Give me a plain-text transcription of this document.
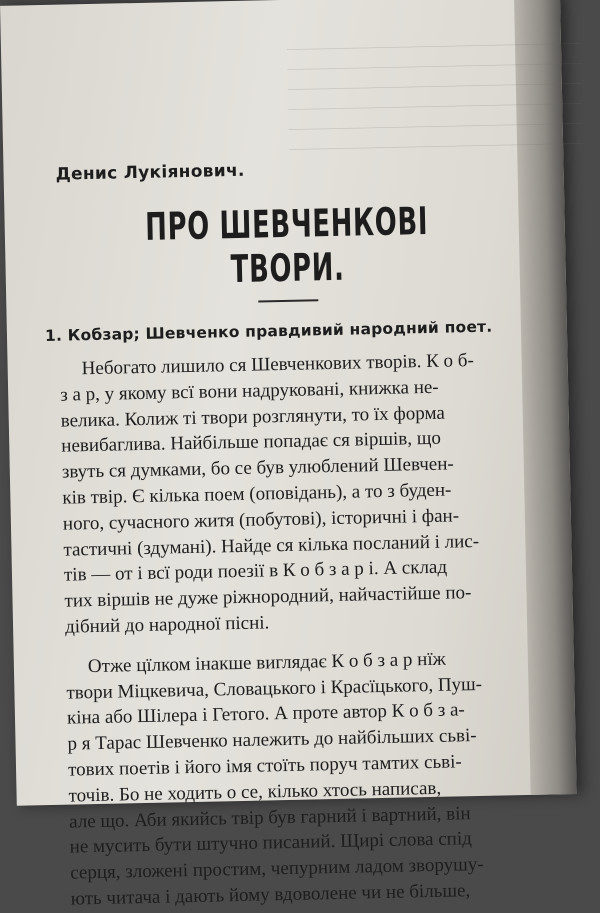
—————————————————————
—————————————————————
—————————————————————
—————————————————————
—————————————————————
—————————————————————
Денис Лукіянович.
ПРО ШЕВЧЕНКОВІ ТВОРИ.
1. Кобзар; Шевченко правдивий народний поет.
Небогато лишило ся Шевченкових творів. К о б-
з а р, у якому всї вони надруковані, книжка не-
велика. Колиж ті твори розглянути, то їх форма
невибаглива. Найбільше попадає ся віршів, що
звуть ся думками, бо се був улюблений Шевчен-
ків твір. Є кілька поем (оповідань), а то з буден-
ного, сучасного житя (побутові), історичні і фан-
тастичні (здумані). Найде ся кілька посланий і лис-
тів — от і всї роди поезії в К о б з а р і. А склад
тих віршів не дуже ріжнородний, найчастійше по-
дібний до народної пісні.
Отже цїлком інакше виглядає К о б з а р нїж
твори Міцкевича, Словацького і Красїцького, Пуш-
кіна або Шілера і Гетого. А проте автор К о б з а-
р я Тарас Шевченко належить до найбільших сьві-
тових поетів і його імя стоїть поруч тамтих сьві-
точів. Бо не ходить о се, кілько хтось написав,
але що. Аби якийсь твір був гарний і вартний, він
не мусить бути штучно писаний. Щирі слова спід
серця, зложені простим, чепурним ладом зворушу-
ють читача і дають йому вдоволене чи не більше,
